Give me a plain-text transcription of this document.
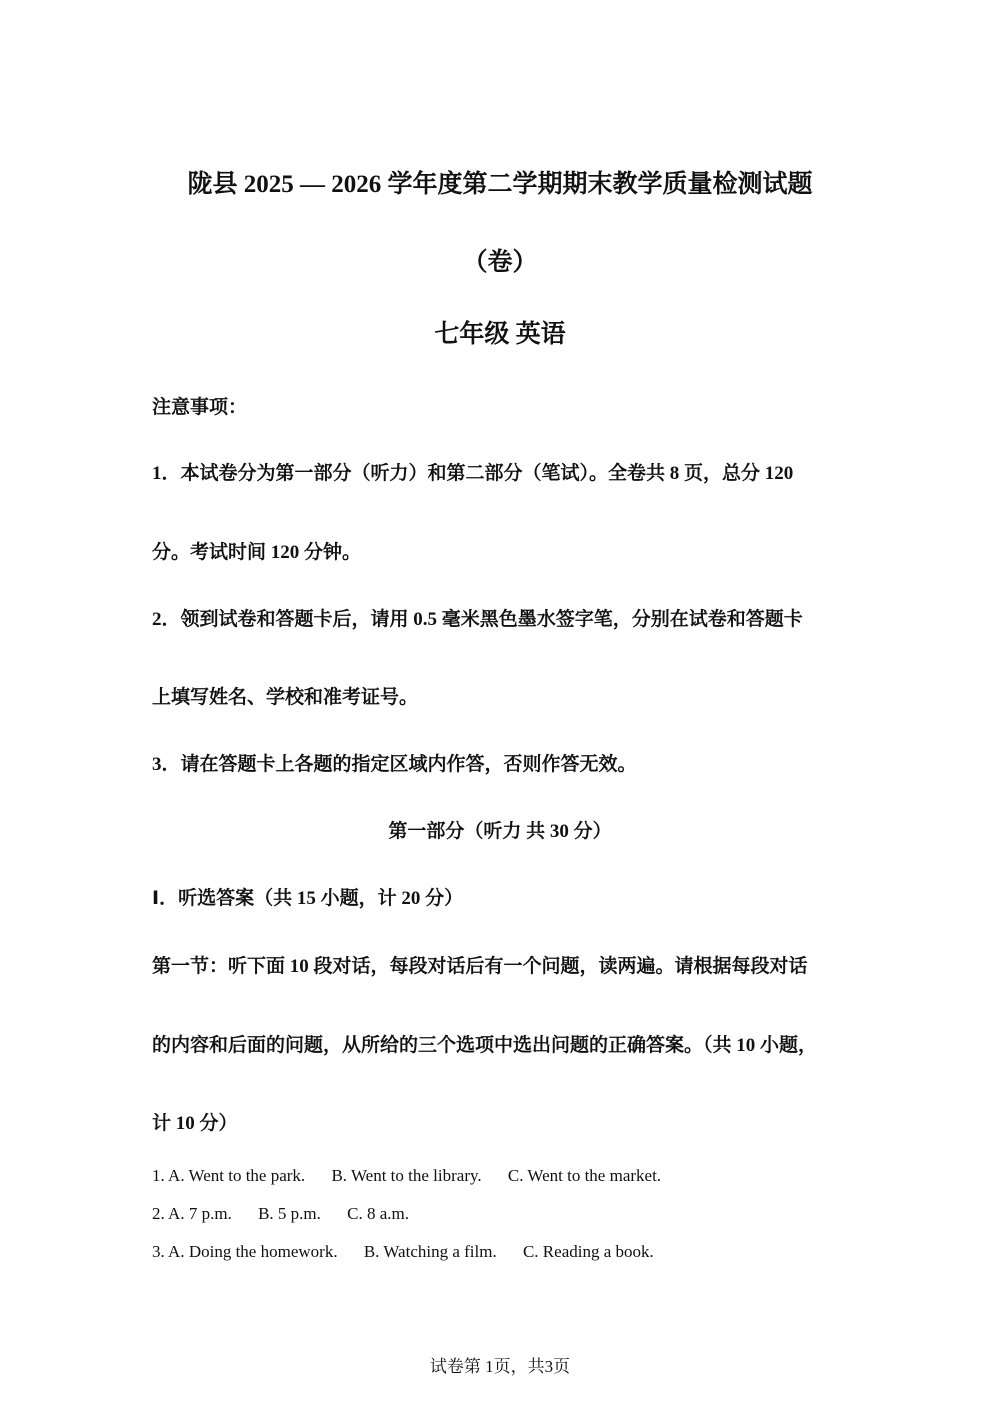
陇县 2025 — 2026 学年度第二学期期末教学质量检测试题
（卷）
七年级 英语
注意事项：
1．本试卷分为第一部分（听力）和第二部分（笔试）。全卷共 8 页，总分 120
分。考试时间 120 分钟。
2．领到试卷和答题卡后，请用 0.5 毫米黑色墨水签字笔，分别在试卷和答题卡
上填写姓名、学校和准考证号。
3．请在答题卡上各题的指定区域内作答，否则作答无效。
第一部分（听力 共 30 分）
Ⅰ．听选答案（共 15 小题，计 20 分）
第一节：听下面 10 段对话，每段对话后有一个问题，读两遍。请根据每段对话
的内容和后面的问题，从所给的三个选项中选出问题的正确答案。（共 10 小题，
计 10 分）
1. A. Went to the park. B. Went to the library. C. Went to the market.
2. A. 7 p.m. B. 5 p.m. C. 8 a.m.
3. A. Doing the homework. B. Watching a film. C. Reading a book.
试卷第 1页，共3页
